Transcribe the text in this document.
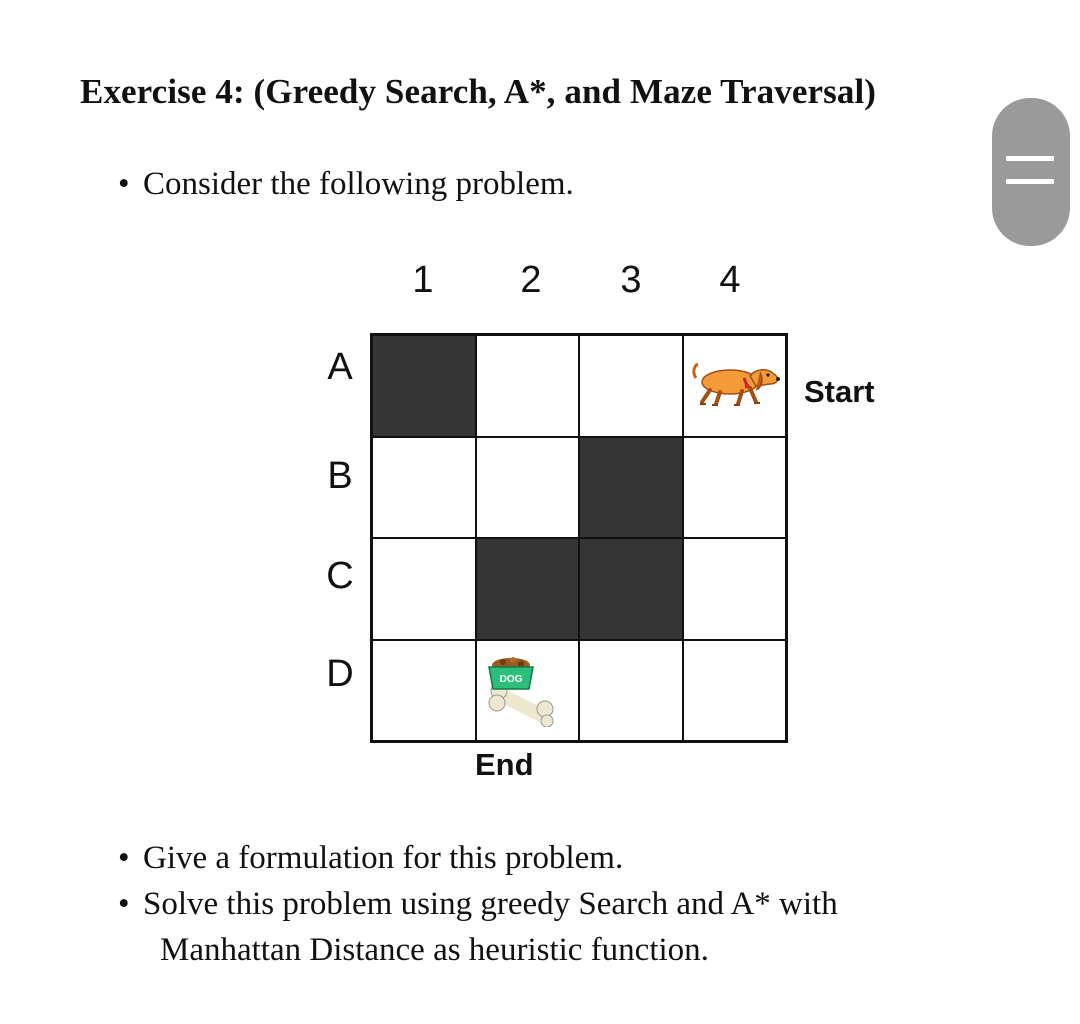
Exercise 4: (Greedy Search, A*, and Maze Traversal)
• Consider the following problem.
1	2	3	4
A
B
C
D	DOG
Start
End
• Give a formulation for this problem.
• Solve this problem using greedy Search and A* with
Manhattan Distance as heuristic function.
